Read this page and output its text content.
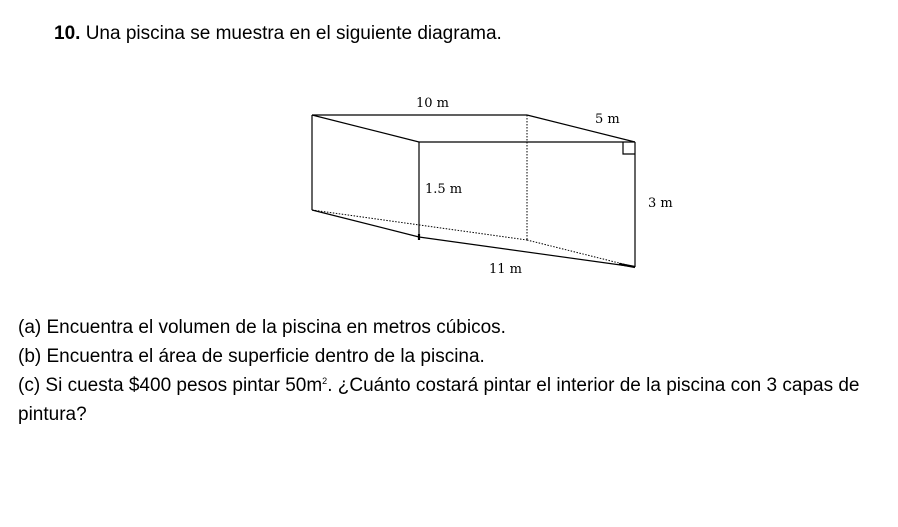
10. Una piscina se muestra en el siguiente diagrama.
10 m
5 m
1.5 m
3 m
11 m

(a) Encuentra el volumen de la piscina en metros cúbicos.

(b) Encuentra el área de superficie dentro de la piscina.

(c) Si cuesta $400 pesos pintar $50m^2$. ¿Cuánto costará pintar el interior de la piscina con 3 capas de pintura?
